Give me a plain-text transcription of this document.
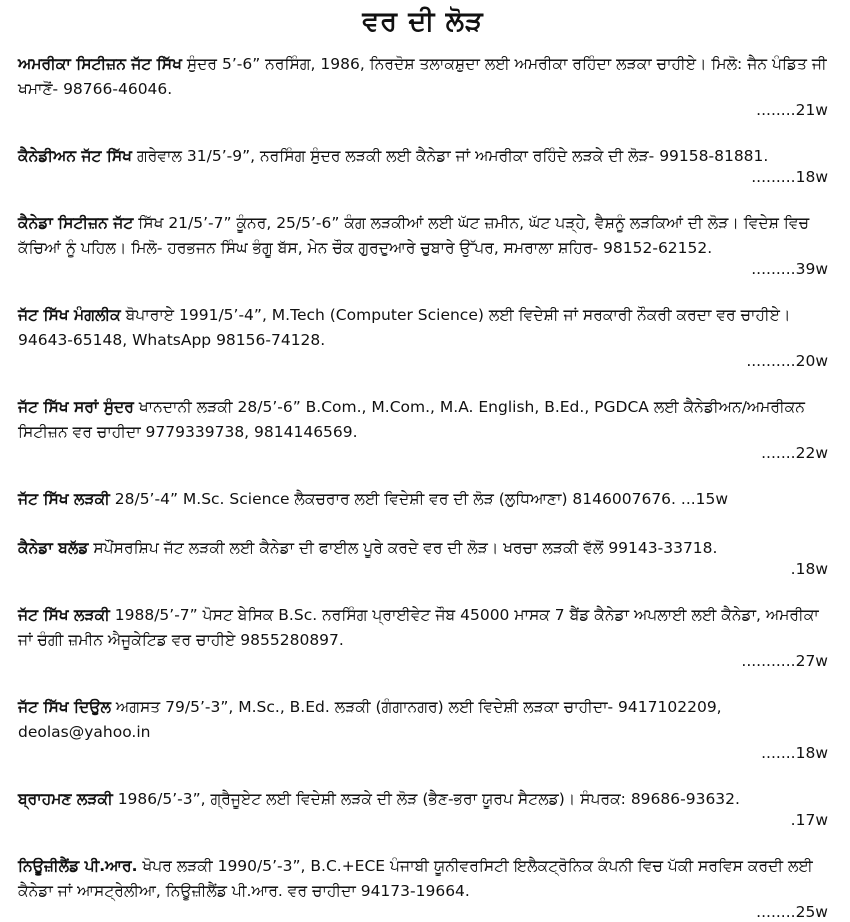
ਵਰ ਦੀ ਲੋੜ
ਅਮਰੀਕਾ ਸਿਟੀਜ਼ਨ ਜੱਟ ਸਿੱਖ ਸੁੰਦਰ 5’-6” ਨਰਸਿੰਗ, 1986, ਨਿਰਦੋਸ਼ ਤਲਾਕਸ਼ੁਦਾ ਲਈ ਅਮਰੀਕਾ ਰਹਿੰਦਾ ਲੜਕਾ ਚਾਹੀਏ। ਮਿਲੋ: ਜੈਨ ਪੰਡਿਤ ਜੀ ਖਮਾਣੋਂ- 98766-46046.
........21w
ਕੈਨੇਡੀਅਨ ਜੱਟ ਸਿੱਖ ਗਰੇਵਾਲ 31/5’-9”, ਨਰਸਿੰਗ ਸੁੰਦਰ ਲੜਕੀ ਲਈ ਕੈਨੇਡਾ ਜਾਂ ਅਮਰੀਕਾ ਰਹਿੰਦੇ ਲੜਕੇ ਦੀ ਲੋੜ- 99158-81881.
.........18w
ਕੈਨੇਡਾ ਸਿਟੀਜ਼ਨ ਜੱਟ ਸਿੱਖ 21/5’-7” ਕੂੰਨਰ, 25/5’-6” ਕੰਗ ਲੜਕੀਆਂ ਲਈ ਘੱਟ ਜ਼ਮੀਨ, ਘੱਟ ਪੜ੍ਹੇ, ਵੈਸ਼ਨੂੰ ਲੜਕਿਆਂ ਦੀ ਲੋੜ। ਵਿਦੇਸ਼ ਵਿਚ ਕੱਚਿਆਂ ਨੂੰ ਪਹਿਲ। ਮਿਲੋ- ਹਰਭਜਨ ਸਿੰਘ ਭੰਗੂ ਬੱਸ, ਮੇਨ ਚੌਕ ਗੁਰਦੁਆਰੇ ਚੁਬਾਰੇ ਉੱਪਰ, ਸਮਰਾਲਾ ਸ਼ਹਿਰ- 98152-62152.
.........39w
ਜੱਟ ਸਿੱਖ ਮੰਗਲੀਕ ਬੋਪਾਰਾਏ 1991/5’-4”, M.Tech (Computer Science) ਲਈ ਵਿਦੇਸ਼ੀ ਜਾਂ ਸਰਕਾਰੀ ਨੌਕਰੀ ਕਰਦਾ ਵਰ ਚਾਹੀਏ। 94643-65148, WhatsApp 98156-74128.
..........20w
ਜੱਟ ਸਿੱਖ ਸਰਾਂ ਸੁੰਦਰ ਖਾਨਦਾਨੀ ਲੜਕੀ 28/5’-6” B.Com., M.Com., M.A. English, B.Ed., PGDCA ਲਈ ਕੈਨੇਡੀਅਨ/ਅਮਰੀਕਨ ਸਿਟੀਜ਼ਨ ਵਰ ਚਾਹੀਦਾ 9779339738, 9814146569.
.......22w
ਜੱਟ ਸਿੱਖ ਲੜਕੀ 28/5’-4” M.Sc. Science ਲੈਕਚਰਾਰ ਲਈ ਵਿਦੇਸ਼ੀ ਵਰ ਦੀ ਲੋੜ (ਲੁਧਿਆਣਾ) 8146007676. ...15w
ਕੈਨੇਡਾ ਬਲੱਡ ਸਪੌਂਸਰਸ਼ਿਪ ਜੱਟ ਲੜਕੀ ਲਈ ਕੈਨੇਡਾ ਦੀ ਫਾਈਲ ਪੂਰੇ ਕਰਦੇ ਵਰ ਦੀ ਲੋੜ। ਖਰਚਾ ਲੜਕੀ ਵੱਲੋਂ 99143-33718.
.18w
ਜੱਟ ਸਿੱਖ ਲੜਕੀ 1988/5’-7” ਪੋਸਟ ਬੇਸਿਕ B.Sc. ਨਰਸਿੰਗ ਪ੍ਰਾਈਵੇਟ ਜੌਬ 45000 ਮਾਸਕ 7 ਬੈਂਡ ਕੈਨੇਡਾ ਅਪਲਾਈ ਲਈ ਕੈਨੇਡਾ, ਅਮਰੀਕਾ ਜਾਂ ਚੰਗੀ ਜ਼ਮੀਨ ਐਜੂਕੇਟਿਡ ਵਰ ਚਾਹੀਏ 9855280897.
...........27w
ਜੱਟ ਸਿੱਖ ਦਿਉਲ ਅਗਸਤ 79/5’-3”, M.Sc., B.Ed. ਲੜਕੀ (ਗੰਗਾਨਗਰ) ਲਈ ਵਿਦੇਸ਼ੀ ਲੜਕਾ ਚਾਹੀਦਾ- 9417102209, deolas@yahoo.in
.......18w
ਬ੍ਰਾਹਮਣ ਲੜਕੀ 1986/5’-3”, ਗ੍ਰੈਜੂਏਟ ਲਈ ਵਿਦੇਸ਼ੀ ਲੜਕੇ ਦੀ ਲੋੜ (ਭੈਣ-ਭਰਾ ਯੂਰਪ ਸੈਟਲਡ)। ਸੰਪਰਕ: 89686-93632.
.17w
ਨਿਊਜ਼ੀਲੈਂਡ ਪੀ.ਆਰ. ਖੋਪਰ ਲੜਕੀ 1990/5’-3”, B.C.+ECE ਪੰਜਾਬੀ ਯੂਨੀਵਰਸਿਟੀ ਇਲੈਕਟ੍ਰੋਨਿਕ ਕੰਪਨੀ ਵਿਚ ਪੱਕੀ ਸਰਵਿਸ ਕਰਦੀ ਲਈ ਕੈਨੇਡਾ ਜਾਂ ਆਸਟ੍ਰੇਲੀਆ, ਨਿਊਜ਼ੀਲੈਂਡ ਪੀ.ਆਰ. ਵਰ ਚਾਹੀਦਾ 94173-19664.
........25w
